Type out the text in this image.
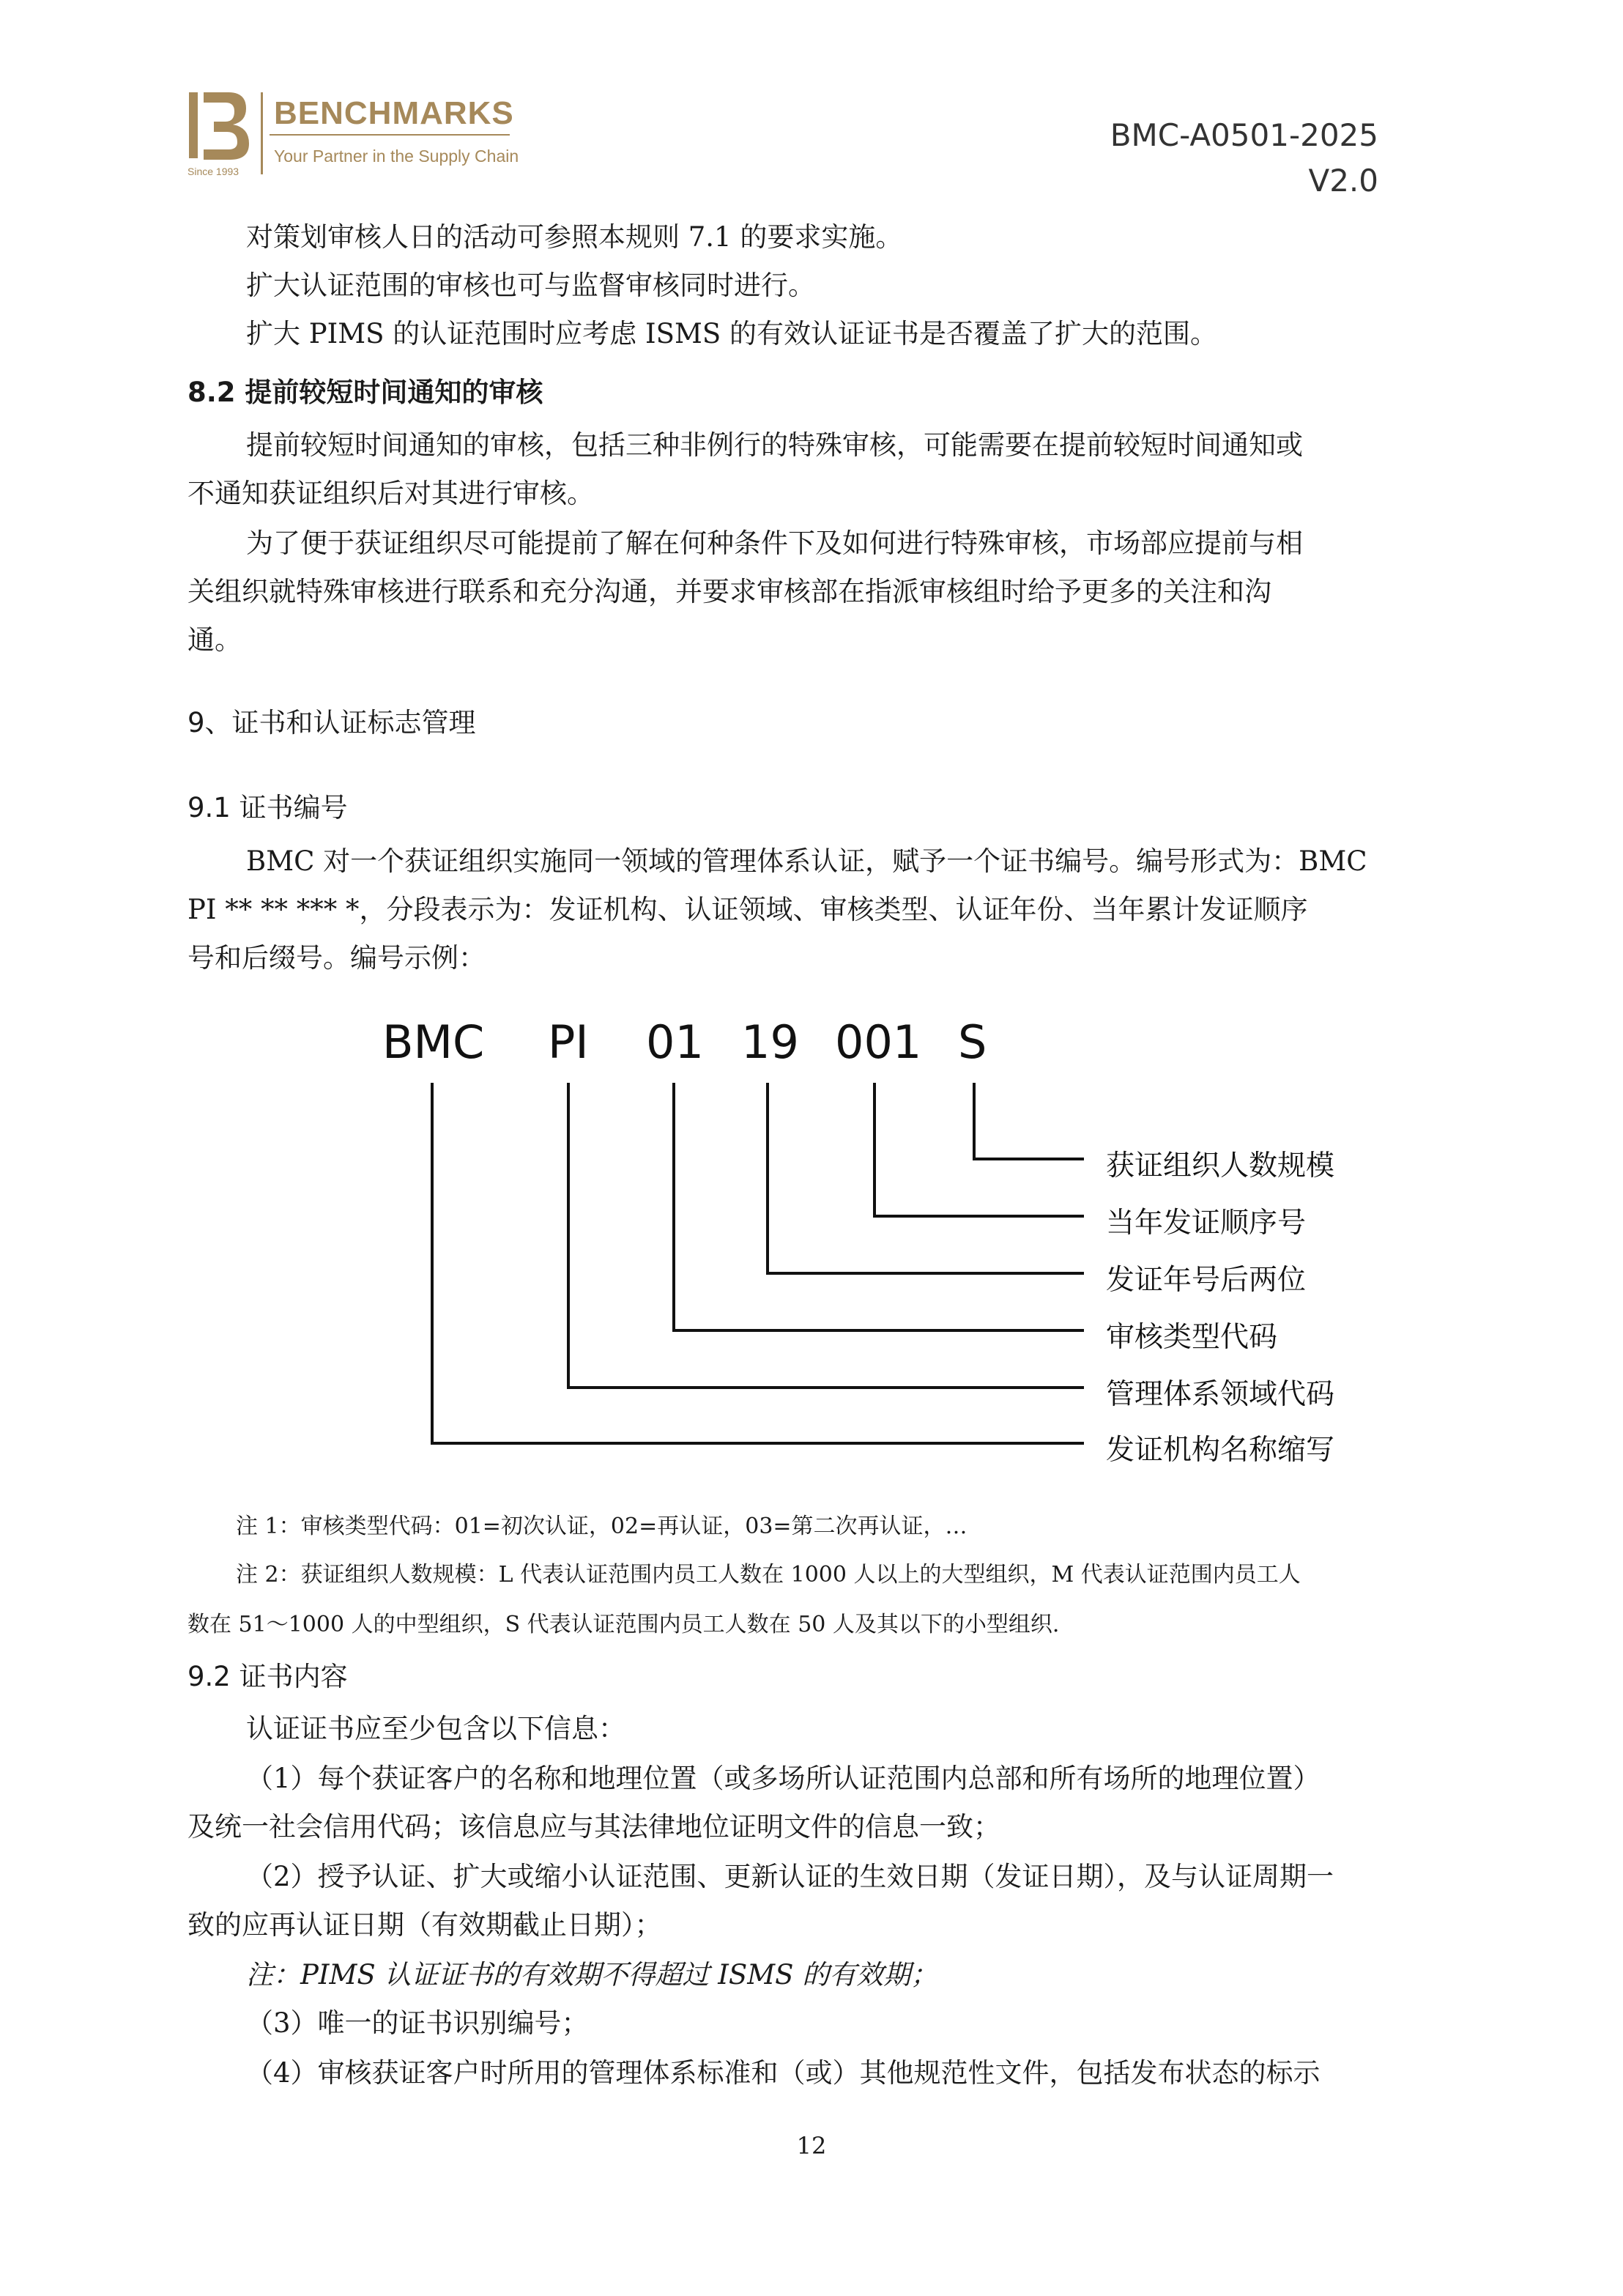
BENCHMARKS
Your Partner in the Supply Chain
Since 1993
BMC-A0501-2025
V2.0
对策划审核人日的活动可参照本规则 7.1 的要求实施。
扩大认证范围的审核也可与监督审核同时进行。
扩大 PIMS 的认证范围时应考虑 ISMS 的有效认证证书是否覆盖了扩大的范围。
8.2 提前较短时间通知的审核
提前较短时间通知的审核，包括三种非例行的特殊审核，可能需要在提前较短时间通知或
不通知获证组织后对其进行审核。
为了便于获证组织尽可能提前了解在何种条件下及如何进行特殊审核，市场部应提前与相
关组织就特殊审核进行联系和充分沟通，并要求审核部在指派审核组时给予更多的关注和沟
通。
9、证书和认证标志管理
9.1 证书编号
BMC 对一个获证组织实施同一领域的管理体系认证，赋予一个证书编号。编号形式为：BMC
PI ** ** *** *，分段表示为：发证机构、认证领域、审核类型、认证年份、当年累计发证顺序
号和后缀号。编号示例：
BMC PI 01 19 001 S
获证组织人数规模
当年发证顺序号
发证年号后两位
审核类型代码
管理体系领域代码
发证机构名称缩写
注 1：审核类型代码：01=初次认证，02=再认证，03=第二次再认证，…
注 2：获证组织人数规模：L 代表认证范围内员工人数在 1000 人以上的大型组织，M 代表认证范围内员工人
数在 51～1000 人的中型组织，S 代表认证范围内员工人数在 50 人及其以下的小型组织.
9.2 证书内容
认证证书应至少包含以下信息：
（1）每个获证客户的名称和地理位置（或多场所认证范围内总部和所有场所的地理位置）
及统一社会信用代码；该信息应与其法律地位证明文件的信息一致；
（2）授予认证、扩大或缩小认证范围、更新认证的生效日期（发证日期），及与认证周期一
致的应再认证日期（有效期截止日期）；
注：PIMS 认证证书的有效期不得超过 ISMS 的有效期；
（3）唯一的证书识别编号；
（4）审核获证客户时所用的管理体系标准和（或）其他规范性文件，包括发布状态的标示
12
